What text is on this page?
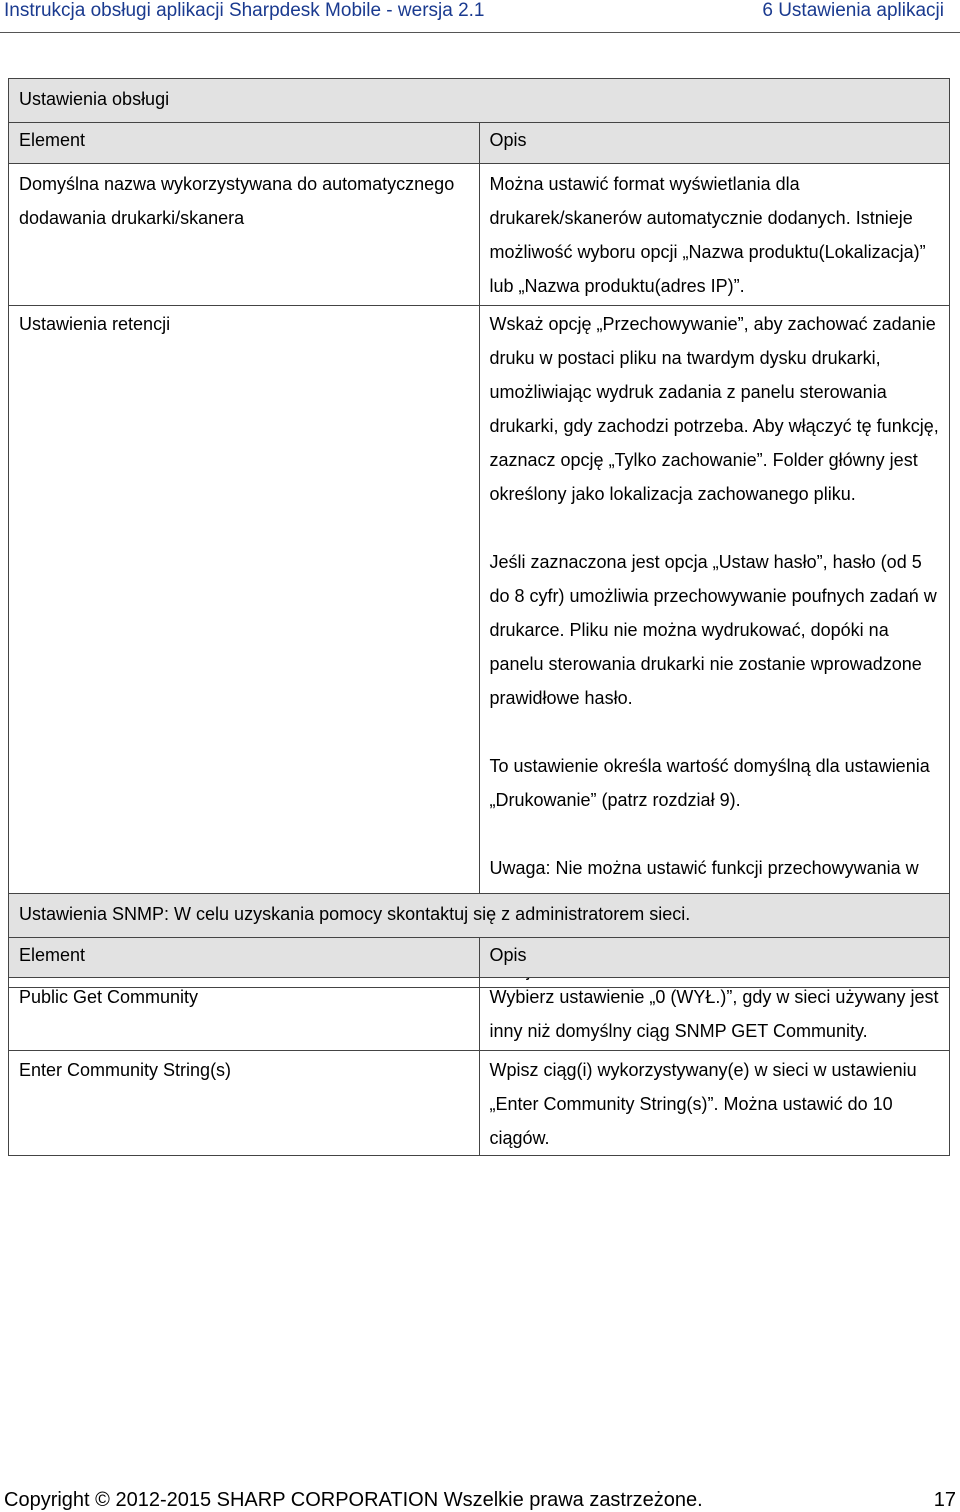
Instrukcja obsługi aplikacji Sharpdesk Mobile - wersja 2.1	6 Ustawienia aplikacji
Ustawienia obsługi	
Element	Opis
Domyślna nazwa wykorzystywana do automatycznego dodawania drukarki/skanera	Można ustawić format wyświetlania dla drukarek/skanerów automatycznie dodanych. Istnieje możliwość wyboru opcji „Nazwa produktu(Lokalizacja)” lub „Nazwa produktu(adres IP)”.

Ustawienia retencji	Wskaż opcję „Przechowywanie”, aby zachować zadanie druku w postaci pliku na twardym dysku drukarki, umożliwiając wydruk zadania z panelu sterowania drukarki, gdy zachodzi potrzeba. Aby włączyć tę funkcję, zaznacz opcję „Tylko zachowanie”. Folder główny jest określony jako lokalizacja zachowanego pliku.

Jeśli zaznaczona jest opcja „Ustaw hasło”, hasło (od 5 do 8 cyfr) umożliwia przechowywanie poufnych zadań w drukarce. Pliku nie można wydrukować, dopóki na panelu sterowania drukarki nie zostanie wprowadzone prawidłowe hasło.

To ustawienie określa wartość domyślną dla ustawienia „Drukowanie” (patrz rozdział 9).

Uwaga: Nie można ustawić funkcji przechowywania w

Ustawienia SNMP: W celu uzyskania pomocy skontaktuj się z administratorem sieci.	
Element	Opis
Public Get Community	Wybierz ustawienie „0 (WYŁ.)”, gdy w sieci używany jest inny niż domyślny ciąg SNMP GET Community.
Enter Community String(s)	Wpisz ciąg(i) wykorzystywany(e) w sieci w ustawieniu „Enter Community String(s)”. Można ustawić do 10 ciągów.
Copyright © 2012-2015 SHARP CORPORATION Wszelkie prawa zastrzeżone.	17
